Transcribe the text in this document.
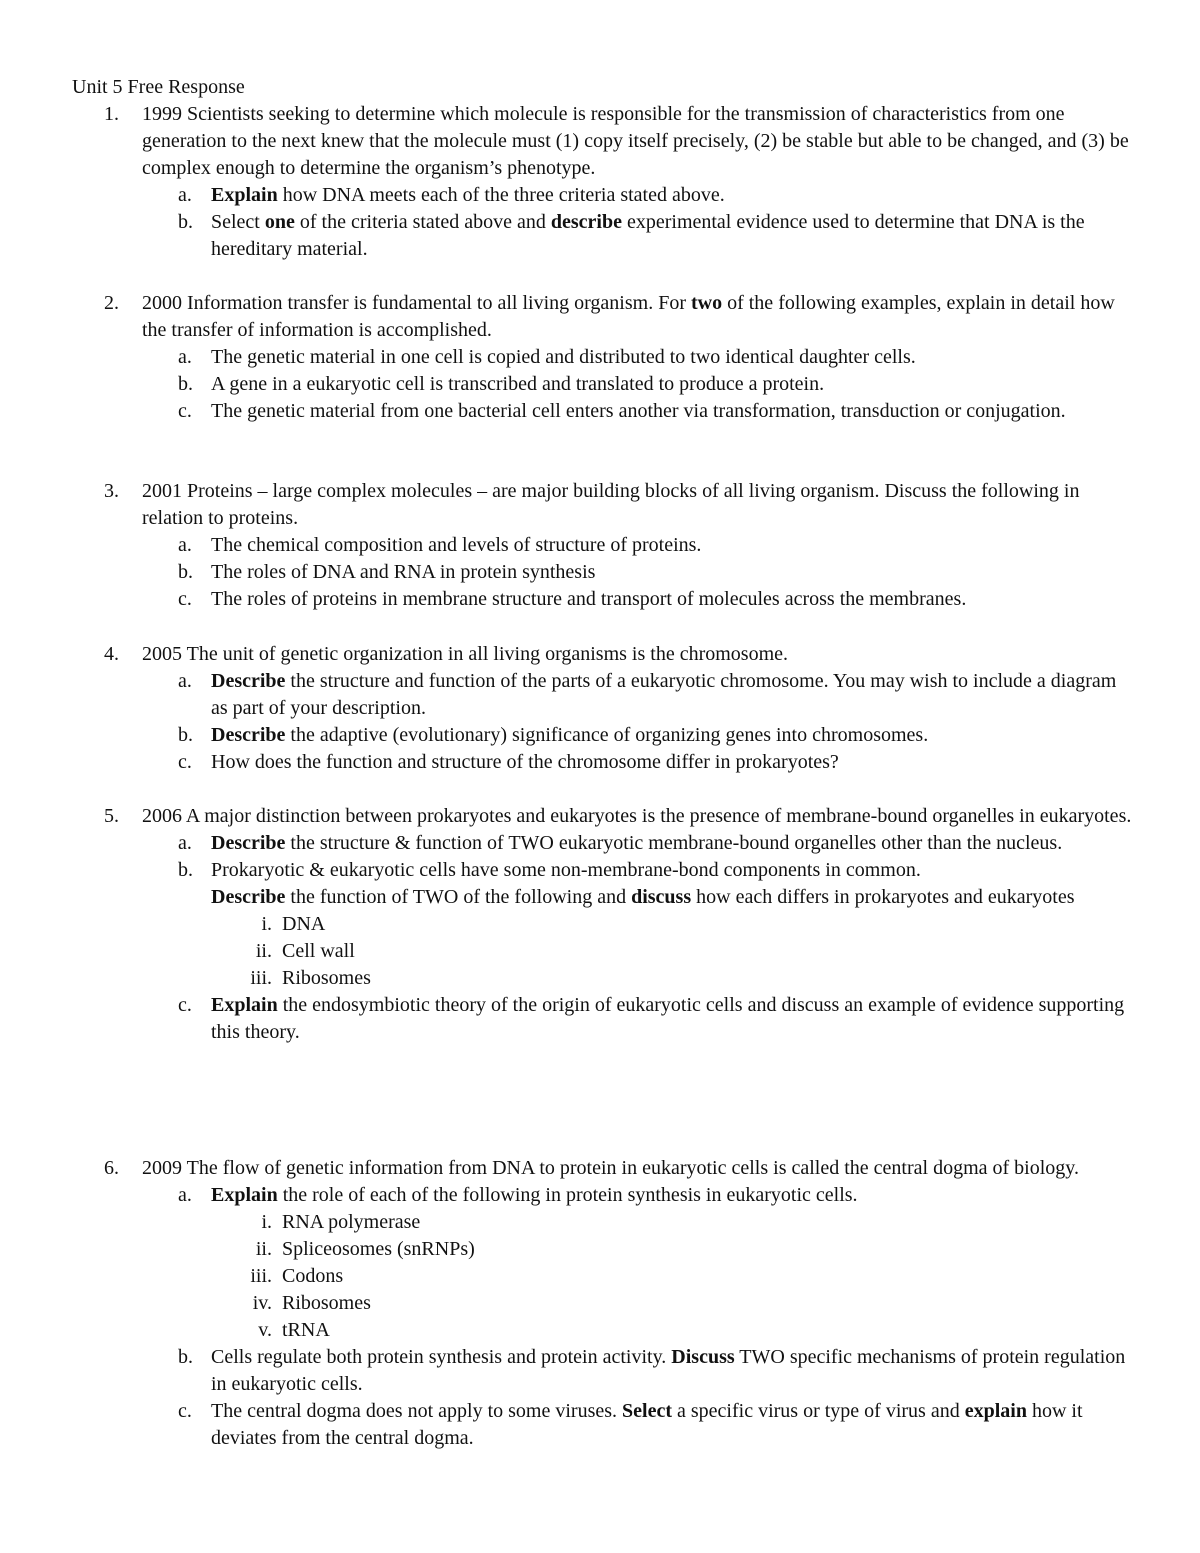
Unit 5 Free Response
1. 1999 Scientists seeking to determine which molecule is responsible for the transmission of characteristics from one generation to the next knew that the molecule must (1) copy itself precisely, (2) be stable but able to be changed, and (3) be complex enough to determine the organism’s phenotype.
a. Explain how DNA meets each of the three criteria stated above.
b. Select one of the criteria stated above and describe experimental evidence used to determine that DNA is the hereditary material.
2. 2000 Information transfer is fundamental to all living organism. For two of the following examples, explain in detail how the transfer of information is accomplished.
a. The genetic material in one cell is copied and distributed to two identical daughter cells.
b. A gene in a eukaryotic cell is transcribed and translated to produce a protein.
c. The genetic material from one bacterial cell enters another via transformation, transduction or conjugation.
3. 2001 Proteins – large complex molecules – are major building blocks of all living organism. Discuss the following in relation to proteins.
a. The chemical composition and levels of structure of proteins.
b. The roles of DNA and RNA in protein synthesis
c. The roles of proteins in membrane structure and transport of molecules across the membranes.
4. 2005 The unit of genetic organization in all living organisms is the chromosome.
a. Describe the structure and function of the parts of a eukaryotic chromosome. You may wish to include a diagram as part of your description.
b. Describe the adaptive (evolutionary) significance of organizing genes into chromosomes.
c. How does the function and structure of the chromosome differ in prokaryotes?
5. 2006 A major distinction between prokaryotes and eukaryotes is the presence of membrane-bound organelles in eukaryotes.
a. Describe the structure & function of TWO eukaryotic membrane-bound organelles other than the nucleus.
b. Prokaryotic & eukaryotic cells have some non-membrane-bond components in common.
Describe the function of TWO of the following and discuss how each differs in prokaryotes and eukaryotes
i. DNA
ii. Cell wall
iii. Ribosomes
c. Explain the endosymbiotic theory of the origin of eukaryotic cells and discuss an example of evidence supporting this theory.
6. 2009 The flow of genetic information from DNA to protein in eukaryotic cells is called the central dogma of biology.
a. Explain the role of each of the following in protein synthesis in eukaryotic cells.
i. RNA polymerase
ii. Spliceosomes (snRNPs)
iii. Codons
iv. Ribosomes
v. tRNA
b. Cells regulate both protein synthesis and protein activity. Discuss TWO specific mechanisms of protein regulation in eukaryotic cells.
c. The central dogma does not apply to some viruses. Select a specific virus or type of virus and explain how it deviates from the central dogma.
